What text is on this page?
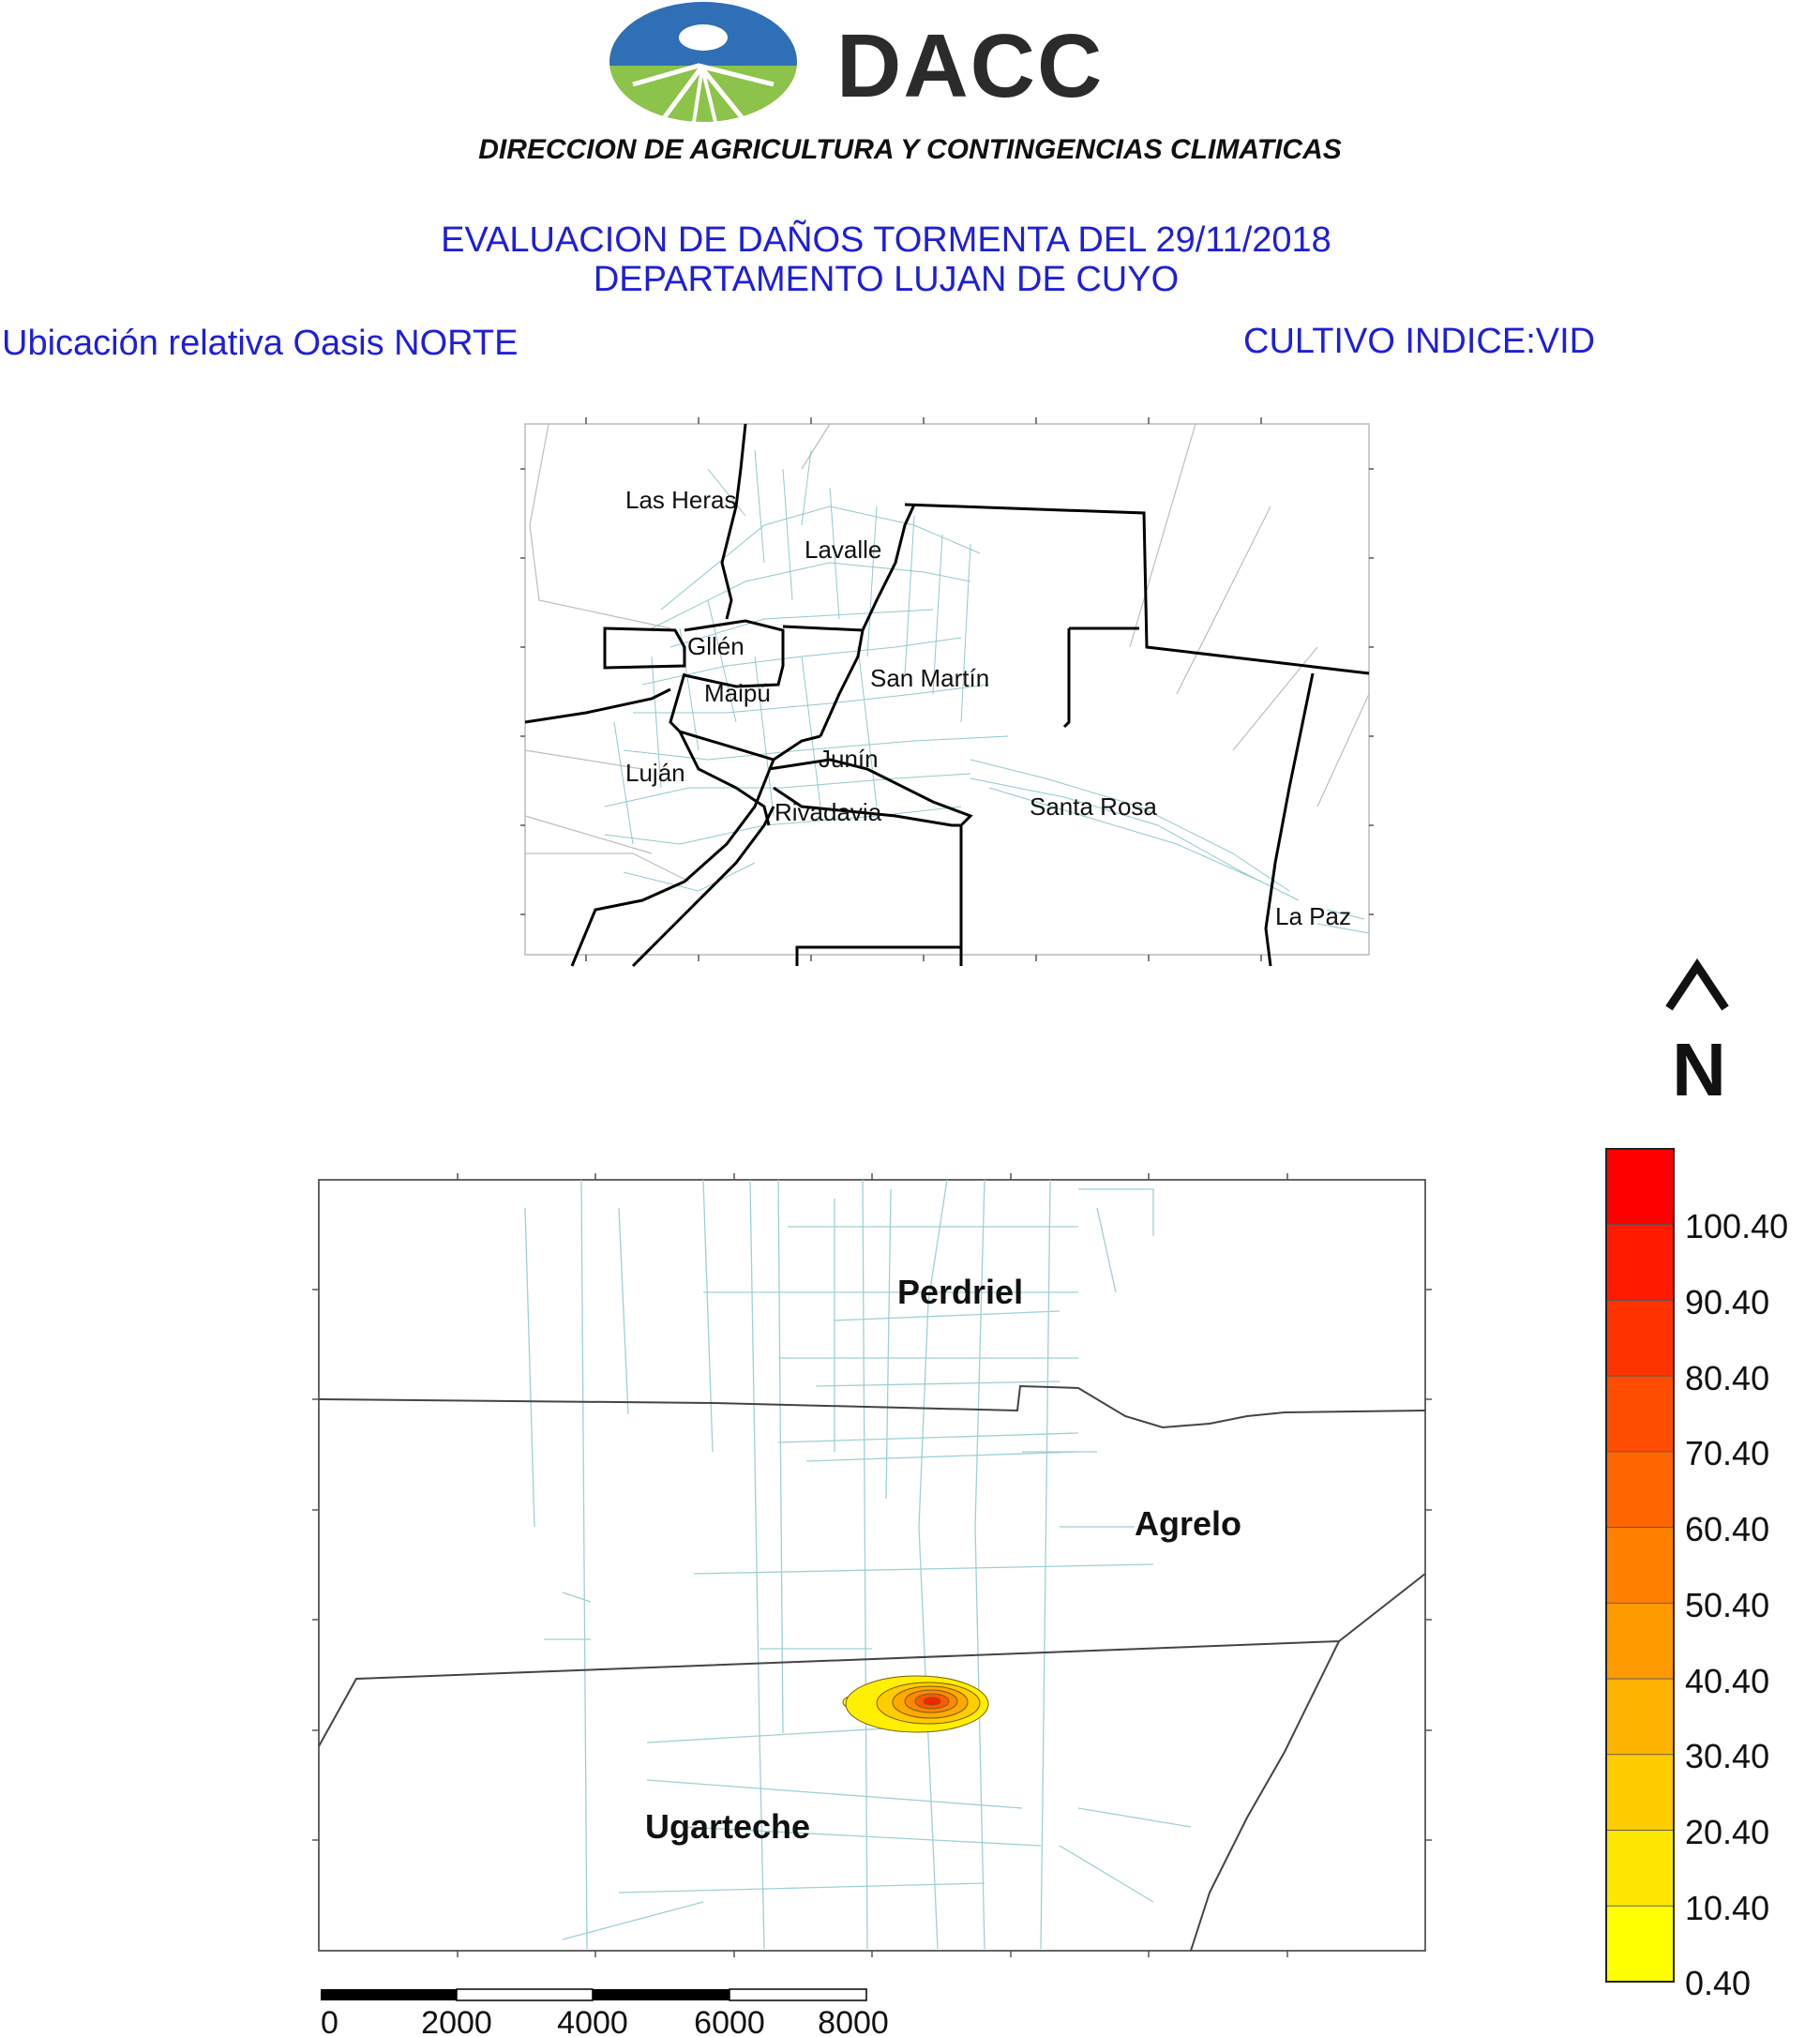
DACC
DIRECCION DE AGRICULTURA Y CONTINGENCIAS CLIMATICAS
EVALUACION DE DAÑOS TORMENTA DEL 29/11/2018
DEPARTAMENTO LUJAN DE CUYO
Ubicación relativa Oasis NORTE	CULTIVO INDICE:VID
Las Heras
Lavalle
Gllén
San Martín
Maipú
Junín
Luján
Rivadavia	Santa Rosa
La Paz
N
Perdriel
Agrelo
Ugarteche
100.40
90.40
80.40
70.40
60.40
50.40
40.40
30.40
20.40
10.40
0.40
0	2000 4000 6000 8000
